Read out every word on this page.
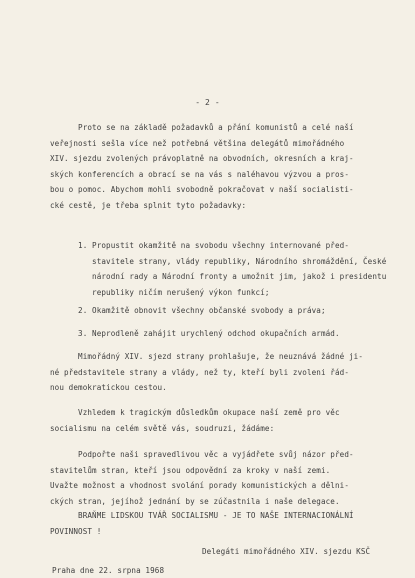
- 2 -
Proto se na základě požadavků a přání komunistů a celé naší
veřejnosti sešla více než potřebná většina delegátů mimořádného
XIV. sjezdu zvolených právoplatně na obvodních, okresních a kraj-
ských konferencích a obrací se na vás s naléhavou výzvou a pros-
bou o pomoc. Abychom mohli svobodně pokračovat v naší socialisti-
cké cestě, je třeba splnit tyto požadavky:
1. Propustit okamžitě na svobodu všechny internované před-
stavitele strany, vlády republiky, Národního shromáždění, České
národní rady a Národní fronty a umožnit jim, jakož i presidentu
republiky ničím nerušený výkon funkcí;
2. Okamžitě obnovit všechny občanské svobody a práva;
3. Neprodleně zahájit urychlený odchod okupačních armád.
Mimořádný XIV. sjezd strany prohlašuje, že neuznává žádné ji-
né představitele strany a vlády, než ty, kteří byli zvoleni řád-
nou demokratickou cestou.
Vzhledem k tragickým důsledkům okupace naší země pro věc
socialismu na celém světě vás, soudruzi, žádáme:
Podpořte naši spravedlivou věc a vyjádřete svůj názor před-
stavitelům stran, kteří jsou odpovědní za kroky v naší zemi.
Uvažte možnost a vhodnost svolání porady komunistických a dělni-
ckých stran, jejíhož jednání by se zúčastnila i naše delegace.
BRAŇME LIDSKOU TVÁŘ SOCIALISMU - JE TO NAŠE INTERNACIONÁLNÍ
POVINNOST !
Delegáti mimořádného XIV. sjezdu KSČ
Praha dne 22. srpna 1968
